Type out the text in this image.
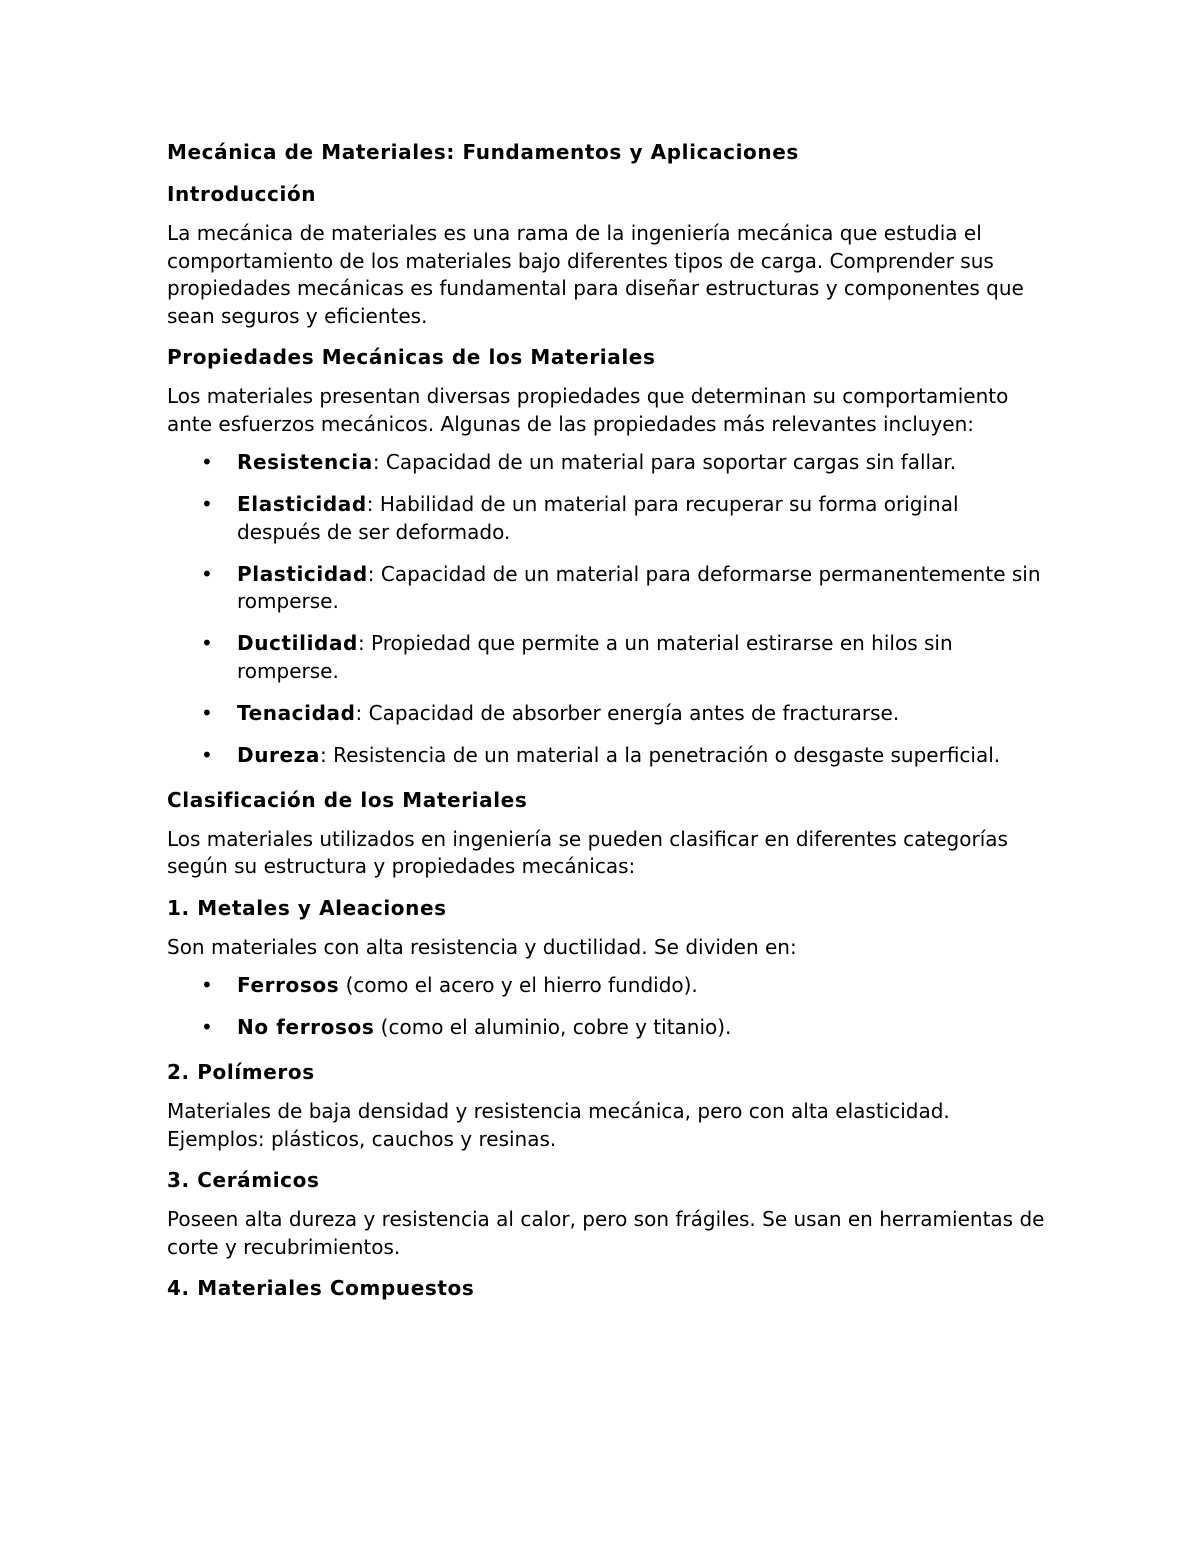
Mecánica de Materiales: Fundamentos y Aplicaciones
Introducción

La mecánica de materiales es una rama de la ingeniería mecánica que estudia el comportamiento de los materiales bajo diferentes tipos de carga. Comprender sus propiedades mecánicas es fundamental para diseñar estructuras y componentes que sean seguros y eficientes.

Propiedades Mecánicas de los Materiales

Los materiales presentan diversas propiedades que determinan su comportamiento ante esfuerzos mecánicos. Algunas de las propiedades más relevantes incluyen:

• Resistencia: Capacidad de un material para soportar cargas sin fallar.
• Elasticidad: Habilidad de un material para recuperar su forma original después de ser deformado.
• Plasticidad: Capacidad de un material para deformarse permanentemente sin romperse.
• Ductilidad: Propiedad que permite a un material estirarse en hilos sin romperse.
• Tenacidad: Capacidad de absorber energía antes de fracturarse.
• Dureza: Resistencia de un material a la penetración o desgaste superficial.
Clasificación de los Materiales

Los materiales utilizados en ingeniería se pueden clasificar en diferentes categorías según su estructura y propiedades mecánicas:

1. Metales y Aleaciones

Son materiales con alta resistencia y ductilidad. Se dividen en:

• Ferrosos (como el acero y el hierro fundido).
• No ferrosos (como el aluminio, cobre y titanio).
2. Polímeros

Materiales de baja densidad y resistencia mecánica, pero con alta elasticidad. Ejemplos: plásticos, cauchos y resinas.

3. Cerámicos

Poseen alta dureza y resistencia al calor, pero son frágiles. Se usan en herramientas de corte y recubrimientos.

4. Materiales Compuestos
